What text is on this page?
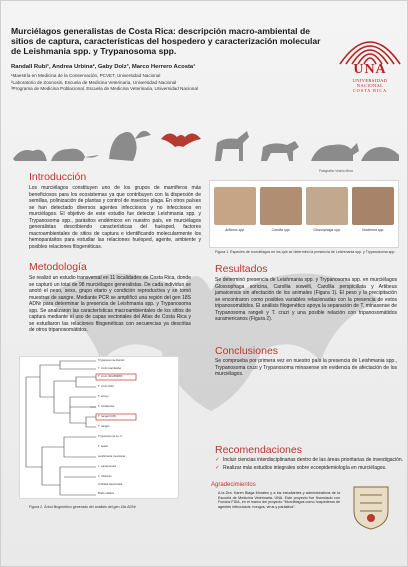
Murciélagos generalistas de Costa Rica: descripción macro-ambiental de sitios de captura, características del hospedero y caracterización molecular de Leishmania spp. y Trypanosoma spp.
Randall Rubí¹, Andrea Urbina², Gaby Dolz³, Marco Herrero Acosta¹
¹Maestría en Medicina de la Conservación, PCVET, Universidad Nacional
²Laboratorio de Zoonosis, Escuela de Medicina Veterinaria, Universidad Nacional
³Programa de Medicina Poblacional, Escuela de Medicina Veterinaria, Universidad Nacional
UNA
UNIVERSIDAD
NACIONAL
COSTA RICA
Fotografía: Vinicio Mora
Introducción
Los murciélagos constituyen uno de los grupos de mamíferos más beneficiosos para los ecosistemas ya que contribuyen con la dispersión de semillas, polinización de plantas y control de insectos plaga. En otros países se han detectado diversos agentes infecciosos y no infecciosos en murciélagos. El objetivo de este estudio fue detectar Leishmania spp. y Trypanosoma spp., parásitos endémicos en nuestro país, en murciélagos generalistas describiendo características del huésped, factores macroambientales de sitios de captura e identificando molecularmente los hemoparásitos para estudiar las relaciones huésped, agente, ambiente y posibles relaciones filogenéticas.
Artibeus spp.	Carollia spp.	Glossophaga spp.	Uroderma spp.
Figura 1. Especies de murciélagos en los que se determinó la presencia de Leishmania spp. y Trypanosoma spp.
Metodología
Se realizó un estudio transversal en 11 localidades de Costa Rica, donde se capturó un total de 98 murciélagos generalistas. De cada individuo se anotó el peso, sexo, grupo etario y condición reproductiva y se tomó muestras de sangre. Mediante PCR se amplificó una región del gen 18S ADNr para determinar la presencia de Leishmania spp. y Trypanosoma spp. Se analizaron las características macroambientales de los sitios de captura mediante el uso de capas vectoriales del Atlas de Costa Rica y se estudiaron las relaciones filogenéticas con secuencias ya descritas de otros tripanosomátidos.
Resultados
Se determinó presencia de Leishmania spp. y Trypanosoma spp. en murciélagos Glossophaga soricina, Carollia sowelli, Carollia perspicillata y Artibeus jamaicensis sin afectación de los animales (Figura 1). El peso y la precipitación se encontraron como posibles variables relacionadas con la presencia de estos tripanosomátidos. El análisis filogenético apoya la separación de T. minasense de Trypanosoma rangeli y T. cruzi y una posible relación con tripanosomátidos suramericanos (Figura 2).
Conclusiones
Se comprueba por primera vez en nuestro país la presencia de Leishmania spp., Trypanosoma cruzi y Trypanosoma minasense sin evidencia de afectación de los murciélagos.
Trypanosoma dionisii
T. cruzi marinkellei
T. cruzi (AF245380)
T. cruzi (CR)
T. erneyi
T. minasense
T. rangeli (CR)
T. rangeli
Trypanosoma sp. 2
T. lewisi
Leishmania mexicana
L. panamensis
L. infantum
Crithidia fasciculata
Bodo saltans
Figura 2. Árbol filogenético generado del análisis del gen 18s ADNr
Recomendaciones
✓ Incluir ciencias interdisciplinarias dentro de las áreas prioritarias de investigación.
✓ Realizar más estudios integrales sobre ecoepidemiología en murciélagos.
Agradecimientos
A la Dra. Karen Blaga Moraleo y a los estudiantes y administrativos de la Escuela de Medicina Veterinaria, UNA. Este proyecto fue financiado con Fondos FIDA, en el marco del proyecto "Murciélagos como hospederos de agentes infecciosos: hongos, virus y parásitos".
